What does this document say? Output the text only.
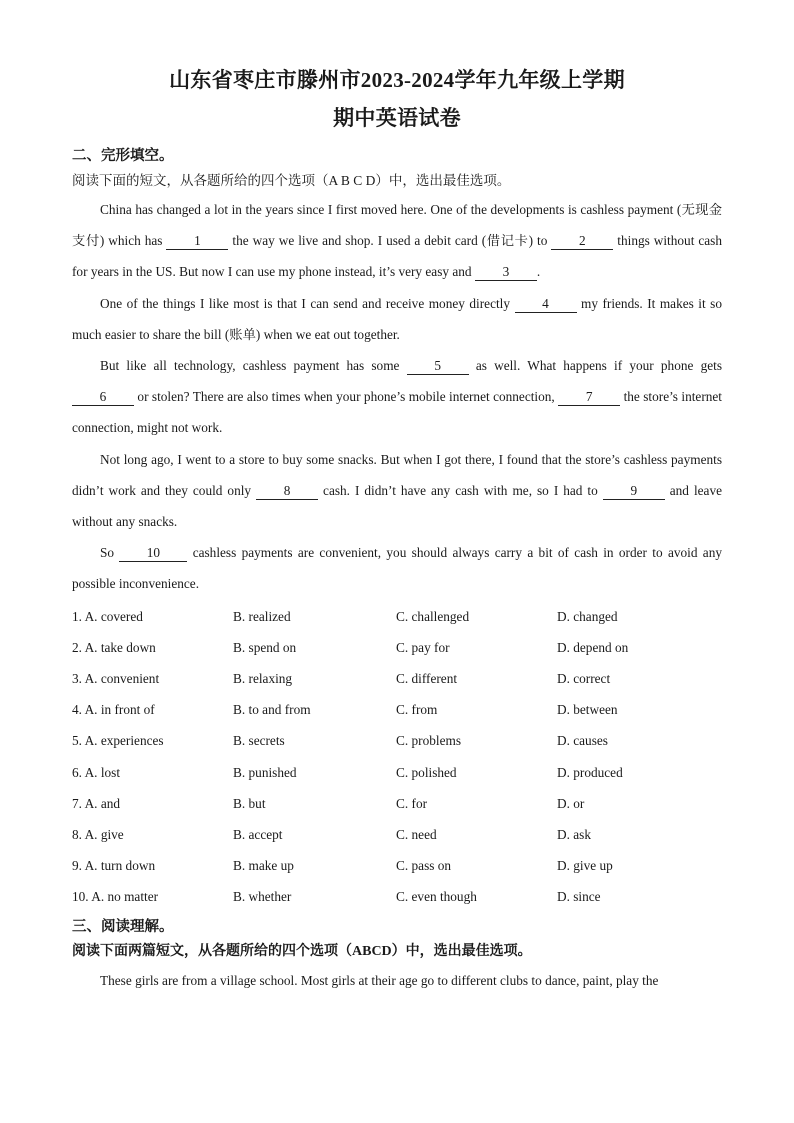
山东省枣庄市滕州市2023-2024学年九年级上学期
期中英语试卷
二、完形填空。
阅读下面的短文，从各题所给的四个选项（A B C D）中，选出最佳选项。
China has changed a lot in the years since I first moved here. One of the developments is cashless payment (无现金支付) which has 1 the way we live and shop. I used a debit card (借记卡) to 2 things without cash for years in the US. But now I can use my phone instead, it’s very easy and 3 .
One of the things I like most is that I can send and receive money directly 4 my friends. It makes it so much easier to share the bill (账单) when we eat out together.
But like all technology, cashless payment has some 5 as well. What happens if your phone gets 6 or stolen? There are also times when your phone’s mobile internet connection, 7 the store’s internet connection, might not work.
Not long ago, I went to a store to buy some snacks. But when I got there, I found that the store’s cashless payments didn’t work and they could only 8 cash. I didn’t have any cash with me, so I had to 9 and leave without any snacks.
So 10 cashless payments are convenient, you should always carry a bit of cash in order to avoid any possible inconvenience.
1. A. covered	B. realized	C. challenged	D. changed
2. A. take down	B. spend on	C. pay for	D. depend on
3. A. convenient	B. relaxing	C. different	D. correct
4. A. in front of	B. to and from	C. from	D. between
5. A. experiences	B. secrets	C. problems	D. causes
6. A. lost	B. punished	C. polished	D. produced
7. A. and	B. but	C. for	D. or
8. A. give	B. accept	C. need	D. ask
9. A. turn down	B. make up	C. pass on	D. give up
10. A. no matter	B. whether	C. even though	D. since
三、阅读理解。
阅读下面两篇短文，从各题所给的四个选项（ABCD）中，选出最佳选项。
These girls are from a village school. Most girls at their age go to different clubs to dance, paint, play the
